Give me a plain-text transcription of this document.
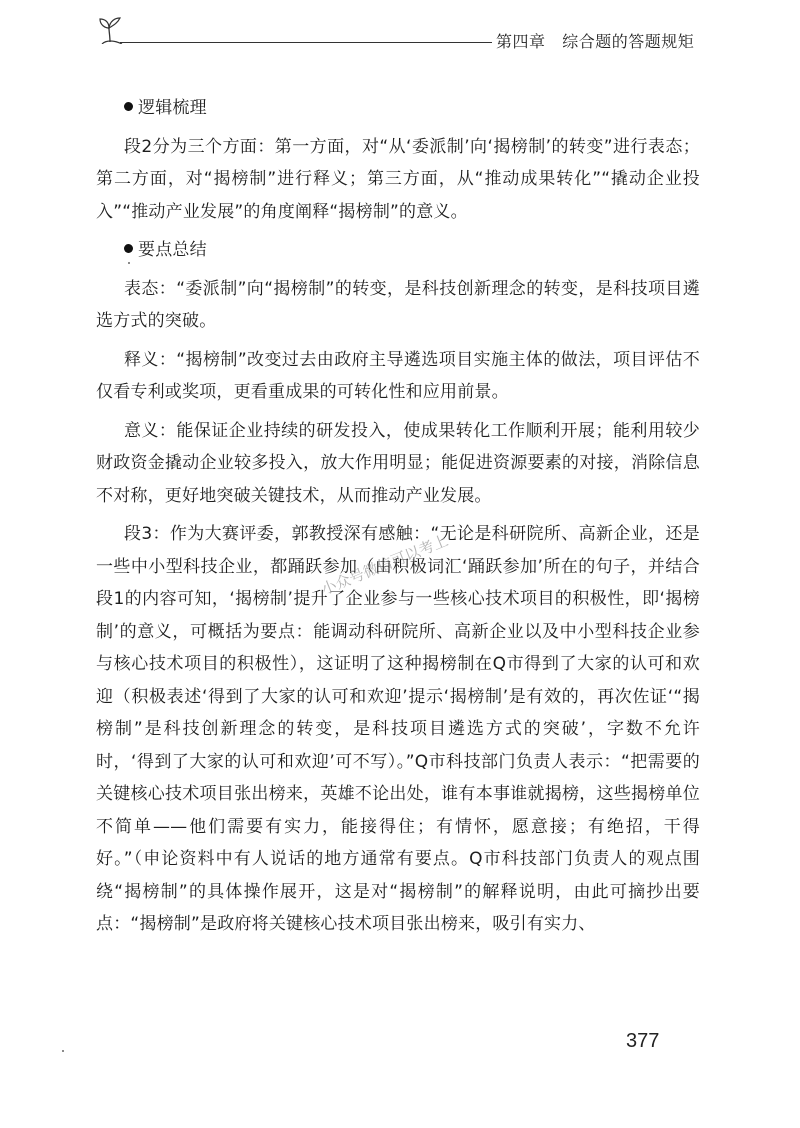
第四章 综合题的答题规矩

逻辑梳理

段2分为三个方面：第一方面，对“从‘委派制’向‘揭榜制’的转变”进行表态；第二方面，对“揭榜制”进行释义；第三方面，从“推动成果转化”“撬动企业投入”“推动产业发展”的角度阐释“揭榜制”的意义。

要点总结

表态：“委派制”向“揭榜制”的转变，是科技创新理念的转变，是科技项目遴选方式的突破。

释义：“揭榜制”改变过去由政府主导遴选项目实施主体的做法，项目评估不仅看专利或奖项，更看重成果的可转化性和应用前景。

意义：能保证企业持续的研发投入，使成果转化工作顺利开展；能利用较少财政资金撬动企业较多投入，放大作用明显；能促进资源要素的对接，消除信息不对称，更好地突破关键技术，从而推动产业发展。

段3：作为大赛评委，郭教授深有感触：“无论是科研院所、高新企业，还是一些中小型科技企业，都踊跃参加（由积极词汇‘踊跃参加’所在的句子，并结合段1的内容可知，‘揭榜制’提升了企业参与一些核心技术项目的积极性，即‘揭榜制’的意义，可概括为要点：能调动科研院所、高新企业以及中小型科技企业参与核心技术项目的积极性），这证明了这种揭榜制在Q市得到了大家的认可和欢迎（积极表述‘得到了大家的认可和欢迎’提示‘揭榜制’是有效的，再次佐证‘“揭榜制”是科技创新理念的转变，是科技项目遴选方式的突破’，字数不允许时，‘得到了大家的认可和欢迎’可不写）。”Q市科技部门负责人表示：“把需要的关键核心技术项目张出榜来，英雄不论出处，谁有本事谁就揭榜，这些揭榜单位不简单——他们需要有实力，能接得住；有情怀，愿意接；有绝招，干得好。”（申论资料中有人说话的地方通常有要点。Q市科技部门负责人的观点围绕“揭榜制”的具体操作展开，这是对“揭榜制”的解释说明，由此可摘抄出要点：“揭榜制”是政府将关键核心技术项目张出榜来，吸引有实力、

小众号微信可以考上
377
